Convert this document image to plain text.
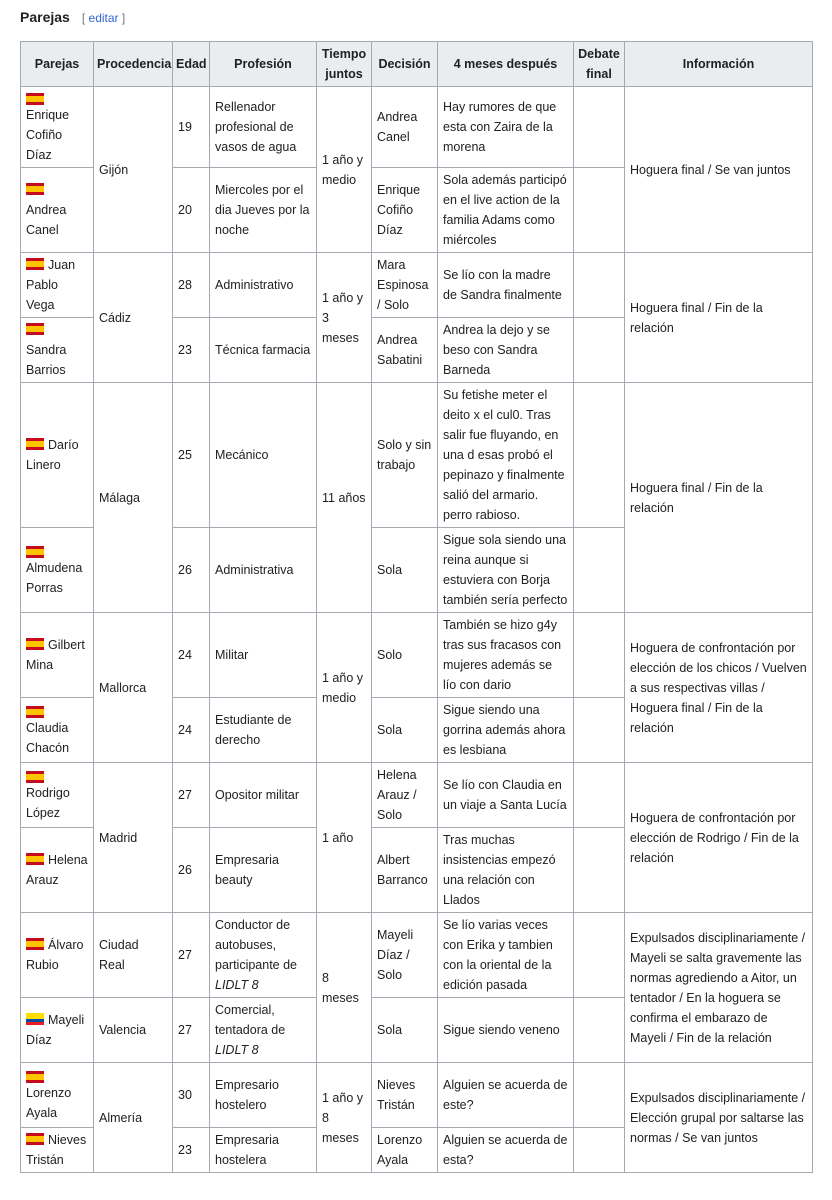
Parejas [ editar ]
Parejas	Procedencia	Edad	Profesión	Tiempo juntos	Decisión	4 meses después	Debate final	Información

Enrique Cofiño Díaz	Gijón	19	Rellenador profesional de vasos de agua	1 año y medio	Andrea Canel	Hay rumores de que esta con Zaira de la morena		Hoguera final / Se van juntos
Andrea Canel		20	Miercoles por el dia Jueves por la noche		Enrique Cofiño Díaz	Sola además participó en el live action de la familia Adams como miércoles		
Juan Pablo Vega	Cádiz	28	Administrativo	1 año y 3 meses	Mara Espinosa / Solo	Se lío con la madre de Sandra finalmente		Hoguera final / Fin de la relación
Sandra Barrios		23	Técnica farmacia		Andrea Sabatini	Andrea la dejo y se beso con Sandra Barneda		
Darío Linero	Málaga	25	Mecánico	11 años	Solo y sin trabajo	Su fetishe meter el deito x el cul0. Tras salir fue fluyando, en una d esas probó el pepinazo y finalmente salió del armario. perro rabioso.		Hoguera final / Fin de la relación

Almudena Porras		26	Administrativa		Sola	Sigue sola siendo una reina aunque si estuviera con Borja también sería perfecto		
Gilbert Mina	Mallorca	24	Militar	1 año y medio	Solo	También se hizo g4y tras sus fracasos con mujeres además se lío con dario		Hoguera de confrontación por elección de los chicos / Vuelven a sus respectivas villas / Hoguera final / Fin de la relación

Claudia Chacón		24	Estudiante de derecho		Sola	Sigue siendo una gorrina además ahora es lesbiana		

Rodrigo López	Madrid	27	Opositor militar	1 año	Helena Arauz / Solo	Se lío con Claudia en un viaje a Santa Lucía		Hoguera de confrontación por elección de Rodrigo / Fin de la relación
Helena Arauz		26	Empresaria beauty		Albert Barranco	Tras muchas insistencias empezó una relación con Llados		
Álvaro Rubio	Ciudad Real	27	Conductor de autobuses, participante de LIDLT 8	8 meses	Mayeli Díaz / Solo	Se lío varias veces con Erika y tambien con la oriental de la edición pasada		Expulsados disciplinariamente / Mayeli se salta gravemente las normas agrediendo a Aitor, un tentador / En la hoguera se confirma el embarazo de Mayeli / Fin de la relación
Mayeli Díaz	Valencia	27	Comercial, tentadora de LIDLT 8		Sola	Sigue siendo veneno		

Lorenzo Ayala	Almería	30	Empresario hostelero	1 año y 8 meses	Nieves Tristán	Alguien se acuerda de este?		Expulsados disciplinariamente / Elección grupal por saltarse las normas / Se van juntos
Nieves Tristán		23	Empresaria hostelera		Lorenzo Ayala	Alguien se acuerda de esta?		
